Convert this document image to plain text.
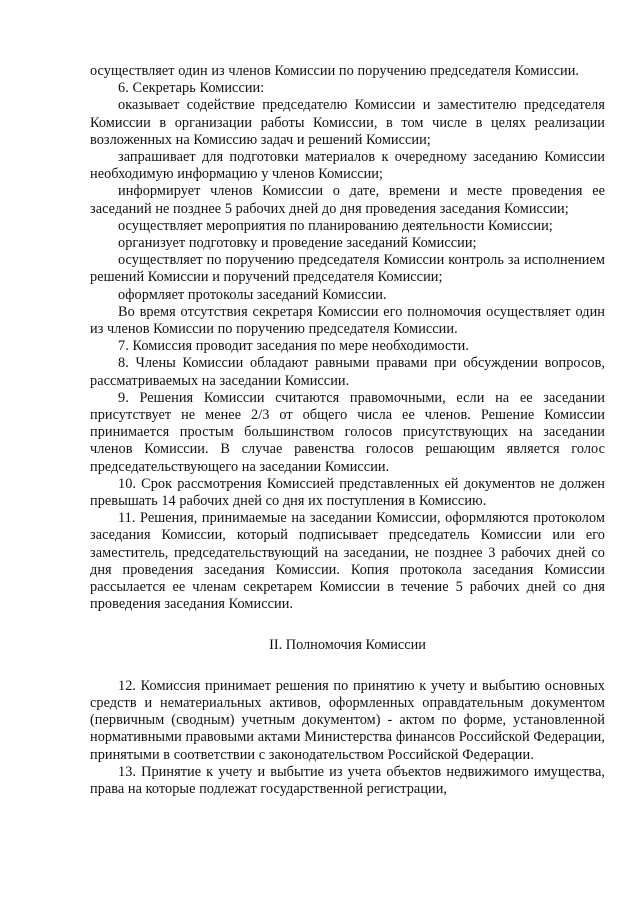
осуществляет один из членов Комиссии по поручению председателя Комиссии.

6. Секретарь Комиссии:

оказывает содействие председателю Комиссии и заместителю председателя Комиссии в организации работы Комиссии, в том числе в целях реализации возложенных на Комиссию задач и решений Комиссии;

запрашивает для подготовки материалов к очередному заседанию Комиссии необходимую информацию у членов Комиссии;

информирует членов Комиссии о дате, времени и месте проведения ее заседаний не позднее 5 рабочих дней до дня проведения заседания Комиссии;

осуществляет мероприятия по планированию деятельности Комиссии;

организует подготовку и проведение заседаний Комиссии;

осуществляет по поручению председателя Комиссии контроль за исполнением решений Комиссии и поручений председателя Комиссии;

оформляет протоколы заседаний Комиссии.

Во время отсутствия секретаря Комиссии его полномочия осуществляет один из членов Комиссии по поручению председателя Комиссии.

7. Комиссия проводит заседания по мере необходимости.

8. Члены Комиссии обладают равными правами при обсуждении вопросов, рассматриваемых на заседании Комиссии.

9. Решения Комиссии считаются правомочными, если на ее заседании присутствует не менее 2/3 от общего числа ее членов. Решение Комиссии принимается простым большинством голосов присутствующих на заседании членов Комиссии. В случае равенства голосов решающим является голос председательствующего на заседании Комиссии.

10. Срок рассмотрения Комиссией представленных ей документов не должен превышать 14 рабочих дней со дня их поступления в Комиссию.

11. Решения, принимаемые на заседании Комиссии, оформляются протоколом заседания Комиссии, который подписывает председатель Комиссии или его заместитель, председательствующий на заседании, не позднее 3 рабочих дней со дня проведения заседания Комиссии. Копия протокола заседания Комиссии рассылается ее членам секретарем Комиссии в течение 5 рабочих дней со дня проведения заседания Комиссии.

II. Полномочия Комиссии

12. Комиссия принимает решения по принятию к учету и выбытию основных средств и нематериальных активов, оформленных оправдательным документом (первичным (сводным) учетным документом) - актом по форме, установленной нормативными правовыми актами Министерства финансов Российской Федерации, принятыми в соответствии с законодательством Российской Федерации.

13. Принятие к учету и выбытие из учета объектов недвижимого имущества, права на которые подлежат государственной регистрации,
